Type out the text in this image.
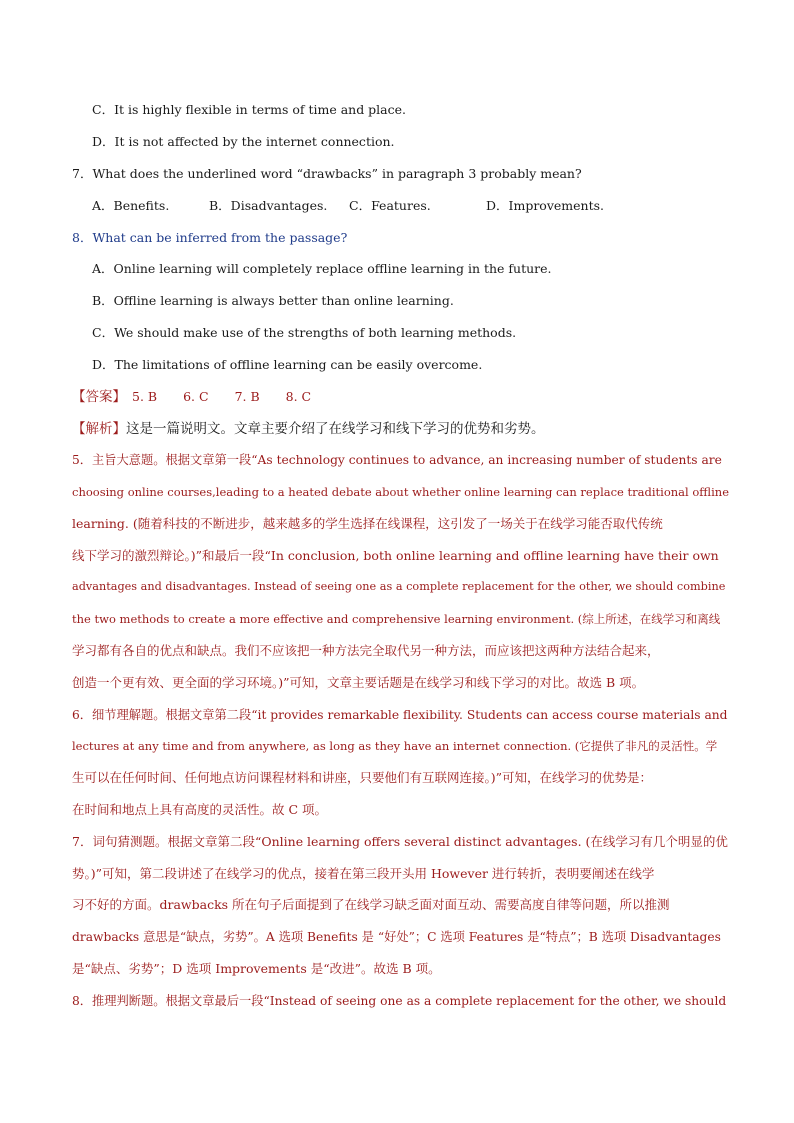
C．It is highly flexible in terms of time and place.
D．It is not affected by the internet connection.
7．What does the underlined word “drawbacks” in paragraph 3 probably mean?
A．Benefits.	B．Disadvantages. C．Features.	D．Improvements.
8．What can be inferred from the passage?
A．Online learning will completely replace offline learning in the future.
B．Offline learning is always better than online learning.
C．We should make use of the strengths of both learning methods.
D．The limitations of offline learning can be easily overcome.
【答案】 5. B 6. C 7. B 8. C
【解析】这是一篇说明文。文章主要介绍了在线学习和线下学习的优势和劣势。
5．主旨大意题。根据文章第一段“As technology continues to advance, an increasing number of students are
choosing online courses,leading to a heated debate about whether online learning can replace traditional offline
learning. (随着科技的不断进步，越来越多的学生选择在线课程，这引发了一场关于在线学习能否取代传统
线下学习的激烈辩论。)”和最后一段“In conclusion, both online learning and offline learning have their own
advantages and disadvantages. Instead of seeing one as a complete replacement for the other, we should combine
the two methods to create a more effective and comprehensive learning environment. (综上所述，在线学习和离线
学习都有各自的优点和缺点。我们不应该把一种方法完全取代另一种方法，而应该把这两种方法结合起来，
创造一个更有效、更全面的学习环境。)”可知，文章主要话题是在线学习和线下学习的对比。故选 B 项。
6．细节理解题。根据文章第二段“it provides remarkable flexibility. Students can access course materials and
lectures at any time and from anywhere, as long as they have an internet connection. (它提供了非凡的灵活性。学
生可以在任何时间、任何地点访问课程材料和讲座，只要他们有互联网连接。)”可知，在线学习的优势是：
在时间和地点上具有高度的灵活性。故 C 项。
7．词句猜测题。根据文章第二段“Online learning offers several distinct advantages. (在线学习有几个明显的优
势。)”可知，第二段讲述了在线学习的优点，接着在第三段开头用 However 进行转折，表明要阐述在线学
习不好的方面。drawbacks 所在句子后面提到了在线学习缺乏面对面互动、需要高度自律等问题，所以推测
drawbacks 意思是“缺点，劣势”。A 选项 Benefits 是 “好处”；C 选项 Features 是“特点”；B 选项 Disadvantages
是“缺点、劣势”；D 选项 Improvements 是“改进”。故选 B 项。
8．推理判断题。根据文章最后一段“Instead of seeing one as a complete replacement for the other, we should
